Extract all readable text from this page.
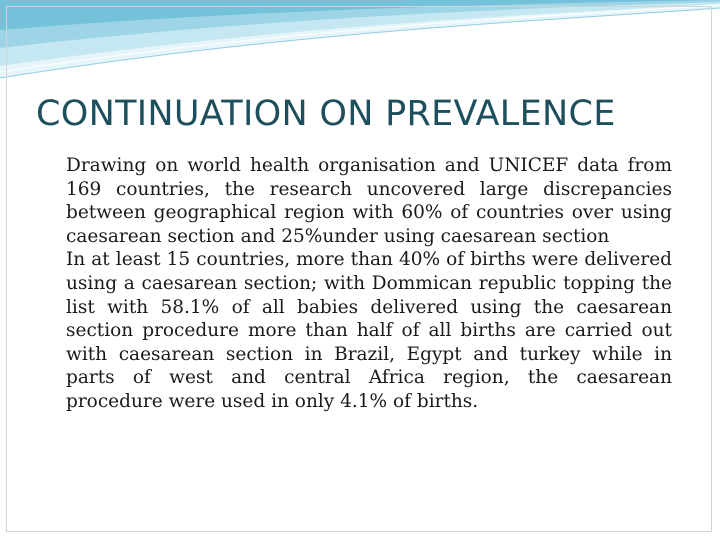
CONTINUATION ON PREVALENCE

Drawing on world health organisation and UNICEF data from 169 countries, the research uncovered large discrepancies between geographical region with 60% of countries over using caesarean section and 25%under using caesarean section

In at least 15 countries, more than 40% of births were delivered using a caesarean section; with Dommican republic topping the list with 58.1% of all babies delivered using the caesarean section procedure more than half of all births are carried out with caesarean section in Brazil, Egypt and turkey while in parts of west and central Africa region, the caesarean procedure were used in only 4.1% of births.
